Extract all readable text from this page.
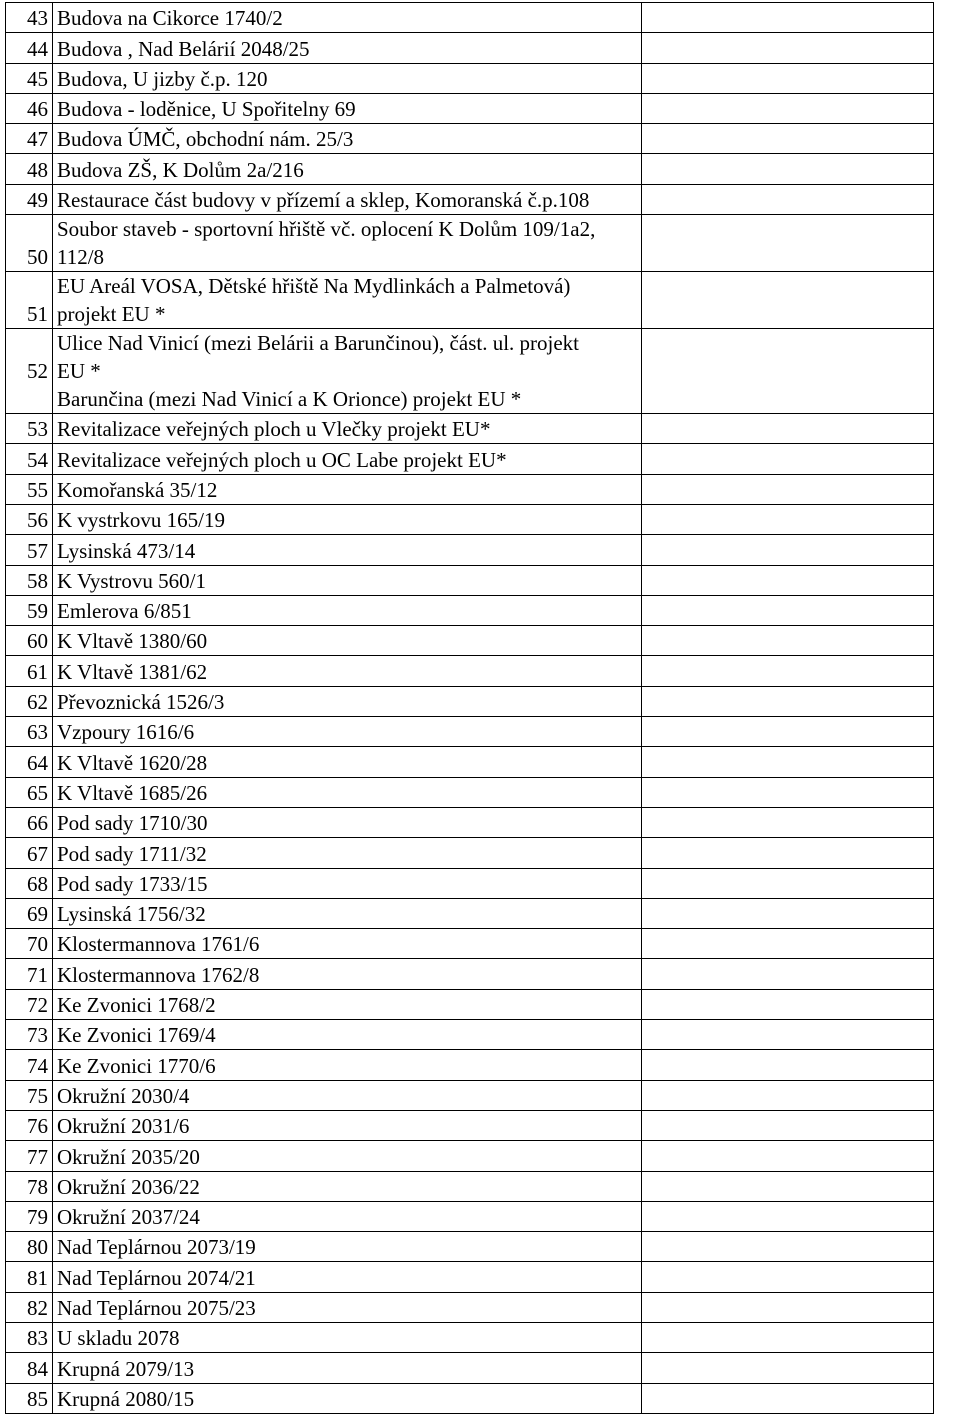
43	Budova na Cikorce 1740/2	

44	Budova , Nad Belárií 2048/25	

45	Budova, U jizby č.p. 120	

46	Budova - loděnice, U Spořitelny 69	

47	Budova ÚMČ, obchodní nám. 25/3	

48	Budova ZŠ, K Dolům 2a/216	

49	Restaurace část budovy v přízemí a sklep, Komoranská č.p.108	

50	Soubor staveb - sportovní hřiště vč. oplocení K Dolům 109/1a2,
112/8	

51	EU Areál VOSA, Dětské hřiště Na Mydlinkách a Palmetová)
projekt EU *	

52	Ulice Nad Vinicí (mezi Belárii a Barunčinou), část. ul. projekt
EU *
Barunčina (mezi Nad Vinicí a K Orionce) projekt EU *	

53	Revitalizace veřejných ploch u Vlečky projekt EU*	

54	Revitalizace veřejných ploch u OC Labe projekt EU*	

55	Komořanská 35/12	

56	K vystrkovu 165/19	

57	Lysinská 473/14	

58	K Vystrovu 560/1	

59	Emlerova 6/851	

60	K Vltavě 1380/60	

61	K Vltavě 1381/62	

62	Převoznická 1526/3	

63	Vzpoury 1616/6	

64	K Vltavě 1620/28	

65	K Vltavě 1685/26	

66	Pod sady 1710/30	

67	Pod sady 1711/32	

68	Pod sady 1733/15	

69	Lysinská 1756/32	

70	Klostermannova 1761/6	

71	Klostermannova 1762/8	

72	Ke Zvonici 1768/2	

73	Ke Zvonici 1769/4	

74	Ke Zvonici 1770/6	

75	Okružní 2030/4	

76	Okružní 2031/6	

77	Okružní 2035/20	

78	Okružní 2036/22	

79	Okružní 2037/24	

80	Nad Teplárnou 2073/19	

81	Nad Teplárnou 2074/21	

82	Nad Teplárnou 2075/23	

83	U skladu 2078	

84	Krupná 2079/13	

85	Krupná 2080/15	
